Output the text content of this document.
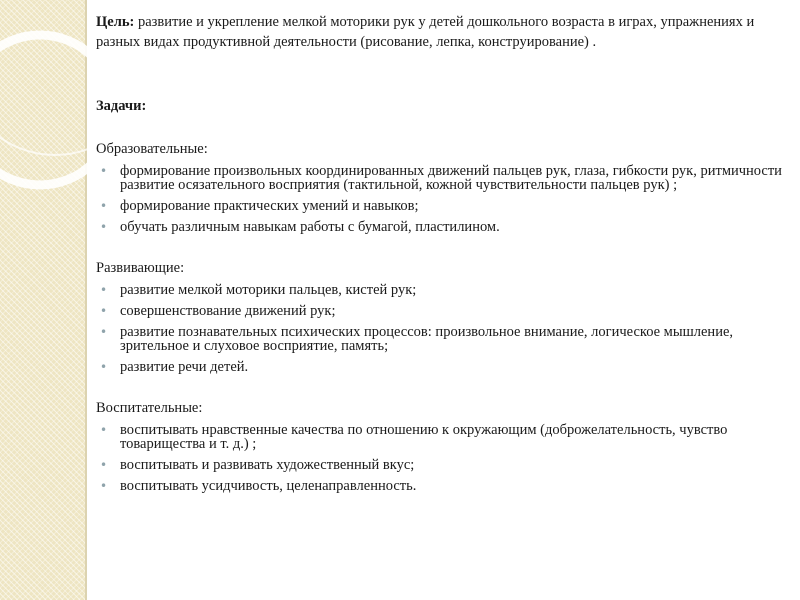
Цель: развитие и укрепление мелкой моторики рук у детей дошкольного возраста в играх, упражнениях и разных видах продуктивной деятельности (рисование, лепка, конструирование) .

Задачи:

Образовательные:

• формирование произвольных координированных движений пальцев рук, глаза, гибкости рук, ритмичности развитие осязательного восприятия (тактильной, кожной чувствительности пальцев рук) ;
• формирование практических умений и навыков;
• обучать различным навыкам работы с бумагой, пластилином.

Развивающие:

• развитие мелкой моторики пальцев, кистей рук;
• совершенствование движений рук;
• развитие познавательных психических процессов: произвольное внимание, логическое мышление, зрительное и слуховое восприятие, память;
• развитие речи детей.

Воспитательные:

• воспитывать нравственные качества по отношению к окружающим (доброжелательность, чувство товарищества и т. д.) ;
• воспитывать и развивать художественный вкус;
• воспитывать усидчивость, целенаправленность.
